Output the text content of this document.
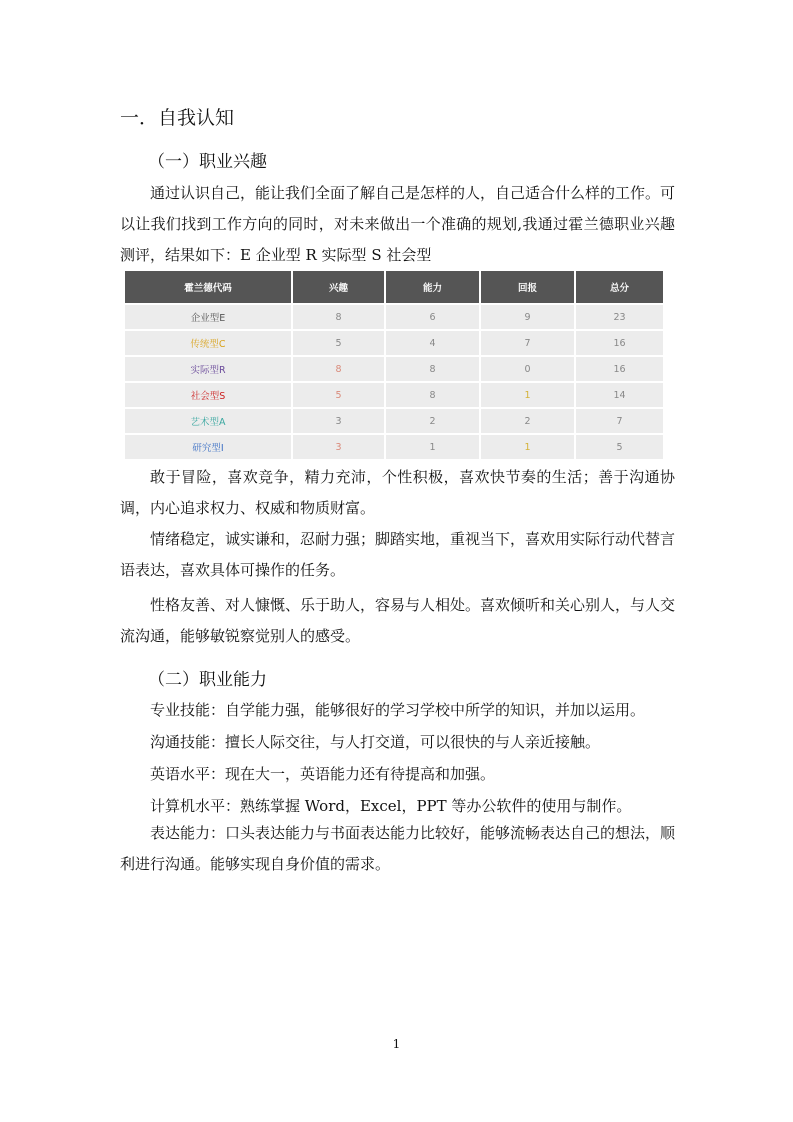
一．自我认知
（一）职业兴趣

通过认识自己，能让我们全面了解自己是怎样的人，自己适合什么样的工作。可以让我们找到工作方向的同时，对未来做出一个准确的规划,我通过霍兰德职业兴趣测评，结果如下：E 企业型 R 实际型 S 社会型

霍兰德代码	兴趣	能力	回报	总分
企业型E	8	6	9	23
传统型C	5	4	7	16
实际型R	8	8	0	16
社会型S	5	8	1	14
艺术型A	3	2	2	7
研究型I	3	1	1	5

敢于冒险，喜欢竞争，精力充沛，个性积极，喜欢快节奏的生活；善于沟通协调，内心追求权力、权威和物质财富。

情绪稳定，诚实谦和，忍耐力强；脚踏实地，重视当下，喜欢用实际行动代替言语表达，喜欢具体可操作的任务。

性格友善、对人慷慨、乐于助人，容易与人相处。喜欢倾听和关心别人，与人交流沟通，能够敏锐察觉别人的感受。

（二）职业能力

专业技能：自学能力强，能够很好的学习学校中所学的知识，并加以运用。

沟通技能：擅长人际交往，与人打交道，可以很快的与人亲近接触。

英语水平：现在大一，英语能力还有待提高和加强。

计算机水平：熟练掌握 Word，Excel，PPT 等办公软件的使用与制作。

表达能力：口头表达能力与书面表达能力比较好，能够流畅表达自己的想法，顺利进行沟通。能够实现自身价值的需求。

1
